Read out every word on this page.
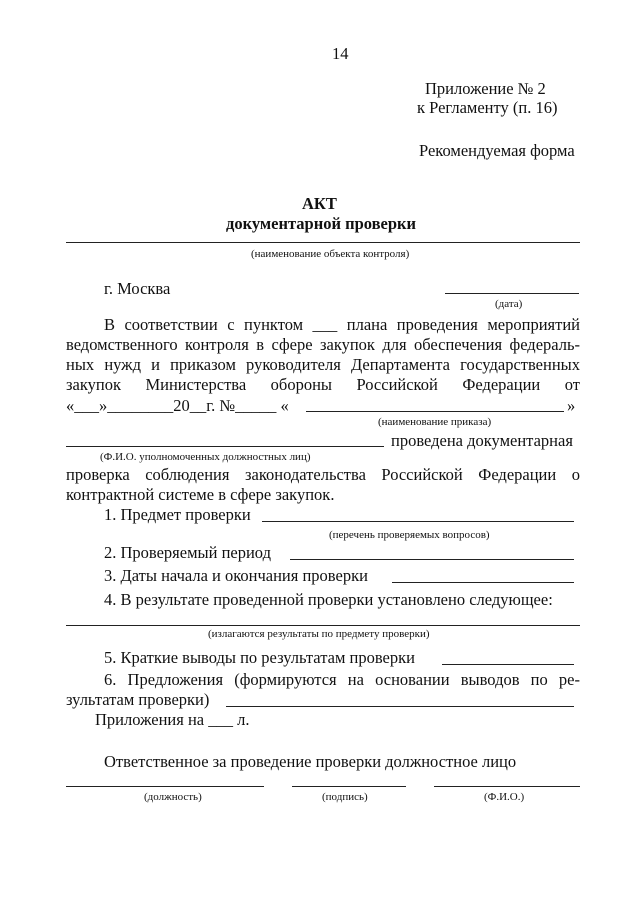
14
Приложение № 2
к Регламенту (п. 16)
Рекомендуемая форма
АКТ
документарной проверки
(наименование объекта контроля)
г. Москва
(дата)
В соответствии с пунктом ___ плана проведения мероприятий
ведомственного контроля в сфере закупок для обеспечения федераль-
ных нужд и приказом руководителя Департамента государственных
закупок Министерства обороны Российской Федерации от
«___»________20__г. №_____ «	»
(наименование приказа)
проведена документарная
(Ф.И.О. уполномоченных должностных лиц)
проверка соблюдения законодательства Российской Федерации о
контрактной системе в сфере закупок.
1. Предмет проверки
(перечень проверяемых вопросов)
2. Проверяемый период
3. Даты начала и окончания проверки
4. В результате проведенной проверки установлено следующее:
(излагаются результаты по предмету проверки)
5. Краткие выводы по результатам проверки
6. Предложения (формируются на основании выводов по ре-
зультатам проверки)
Приложения на ___ л.
Ответственное за проведение проверки должностное лицо
(должность)	(подпись)	(Ф.И.О.)
